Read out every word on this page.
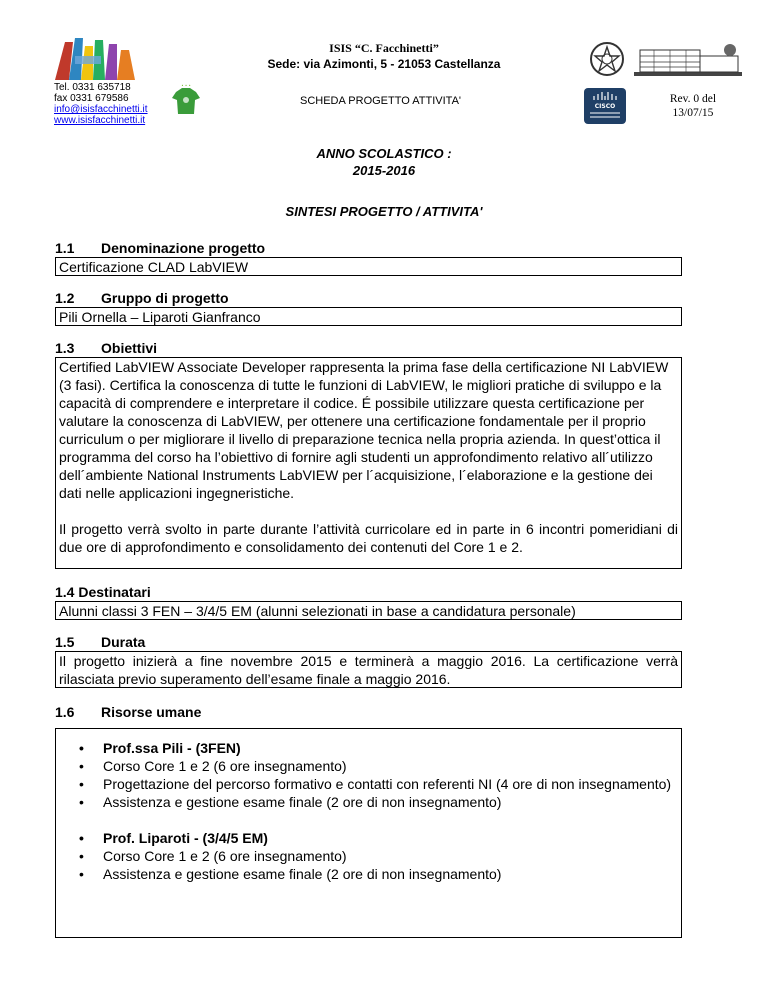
• • •
CISCO
ISIS “C. Facchinetti”
Sede: via Azimonti, 5 - 21053 Castellanza
Tel. 0331 635718
fax 0331 679586
info@isisfacchinetti.it
www.isisfacchinetti.it
SCHEDA PROGETTO ATTIVITA'	Rev. 0 del
13/07/15
ANNO SCOLASTICO :
2015-2016
SINTESI PROGETTO / ATTIVITA'
1.1 Denominazione progetto
Certificazione CLAD LabVIEW
1.2 Gruppo di progetto
Pili Ornella – Liparoti Gianfranco
1.3 Obiettivi

Certified LabVIEW Associate Developer rappresenta la prima fase della certificazione NI LabVIEW (3 fasi). Certifica la conoscenza di tutte le funzioni di LabVIEW, le migliori pratiche di sviluppo e la capacità di comprendere e interpretare il codice. É possibile utilizzare questa certificazione per valutare la conoscenza di LabVIEW, per ottenere una certificazione fondamentale per il proprio curriculum o per migliorare il livello di preparazione tecnica nella propria azienda. In quest’ottica il programma del corso ha l’obiettivo di fornire agli studenti un approfondimento relativo all´utilizzo dell´ambiente National Instruments LabVIEW per l´acquisizione, l´elaborazione e la gestione dei dati nelle applicazioni ingegneristiche.

Il progetto verrà svolto in parte durante l’attività curricolare ed in parte in 6 incontri pomeridiani di due ore di approfondimento e consolidamento dei contenuti del Core 1 e 2.

1.4 Destinatari
Alunni classi 3 FEN – 3/4/5 EM (alunni selezionati in base a candidatura personale)
1.5 Durata
Il progetto inizierà a fine novembre 2015 e terminerà a maggio 2016. La certificazione verrà rilasciata previo superamento dell’esame finale a maggio 2016.
1.6 Risorse umane
• Prof.ssa Pili - (3FEN)
• Corso Core 1 e 2 (6 ore insegnamento)
• Progettazione del percorso formativo e contatti con referenti NI (4 ore di non insegnamento)
• Assistenza e gestione esame finale (2 ore di non insegnamento)
• Prof. Liparoti - (3/4/5 EM)
• Corso Core 1 e 2 (6 ore insegnamento)
• Assistenza e gestione esame finale (2 ore di non insegnamento)
